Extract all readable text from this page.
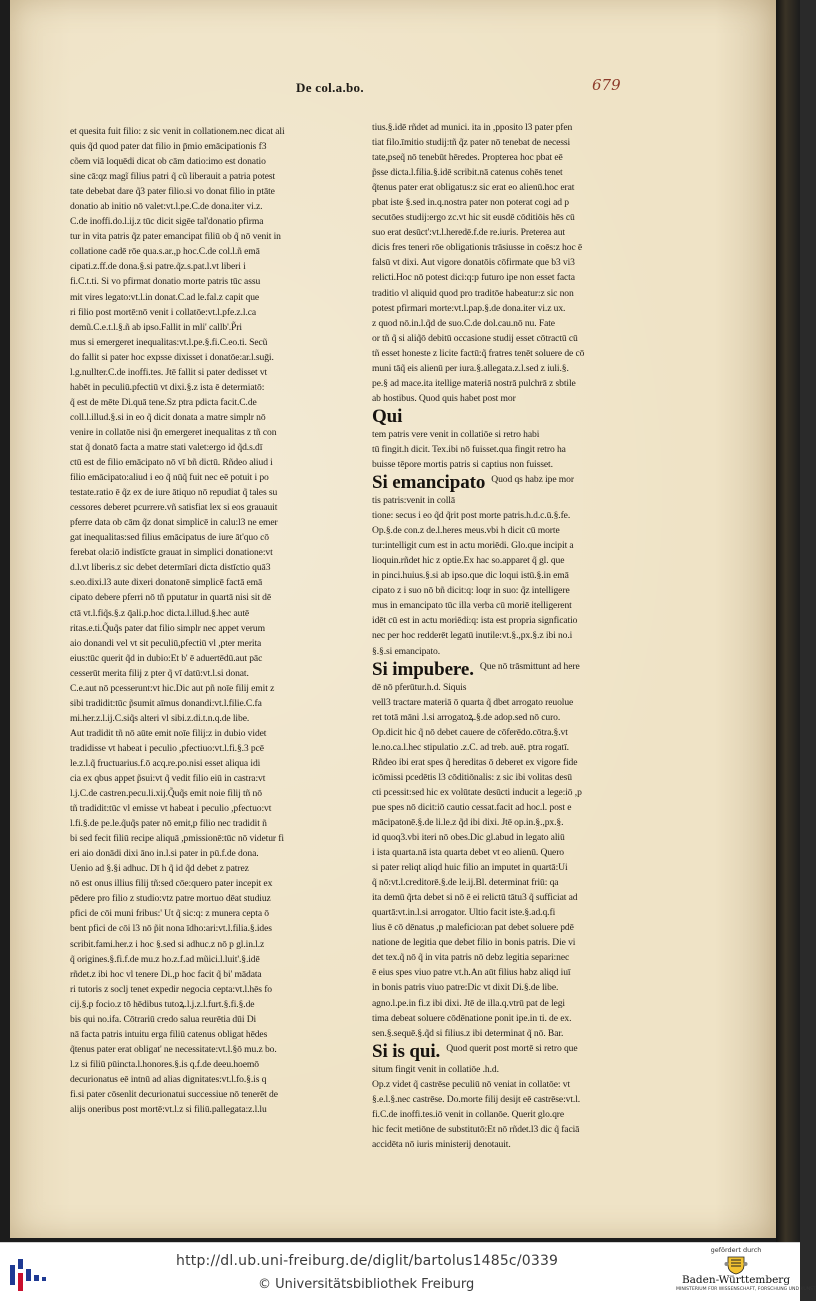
De col.a.bo.	679
et quesita fuit filio: z sic venit in collationem.nec dicat ali
quis q̃d quod pater dat filio in p̄mio emācipationis f3
cõem viā loquēdi dicat ob cām datio:imo est donatio
sine cā:qz magĩ filius patri q̃ cũ liberauit a patria potest
tate debebat dare q̃3 pater filio.si vo donat filio in ptāte
donatio ab initio nō valet:vt.l.pe.C.de dona.iter vi.z.
C.de inoffi.do.l.ij.z tūc dicit sigēe tal'donatio pfirma
tur in vita patris q̃z pater emancipat filiū ob q̃ nō venit in
collatione cadē rōe qua.s.ar.,p hoc.C.de col.l.ñ emā
cipati.z.ff.de dona.§.si patre.q̃z.s.pat.l.vt liberi i
fi.C.t.ti. Si vo pfirmat donatio morte patris tūc assu
mit vires legato:vt.l.in donat.C.ad le.fal.z capit que
ri filio post mortē:nō venit i collatōe:vt.l.pfe.z.l.ca
demũ.C.e.t.l.§.ñ ab ipso.Fallit in mli' callb'.P̃ri
mus si emergeret inequalitas:vt.l.pe.§.fi.C.eo.ti. Secũ
do fallit si pater hoc expsse dixisset i donatōe:ar.l.suḡi.
l.g.nullter.C.de inoffi.tes. Jtē fallit si pater dedisset vt
habēt in peculiū.pfectiū vt dixi.§.z ista ē determiatō:
q̃ est de mēte Di.quā tene.Sz ptra pdicta facit.C.de
coll.l.illud.§.si in eo q̃ dicit donata a matre simplr nō
venire in collatōe nisi q̃n emergeret inequalitas z tñ con
stat q̃ donatō facta a matre stati valet:ergo id q̃d.s.dī
ctū est de filio emācipato nō vī bñ dictū. Rñdeo aliud i
filio emācipato:aliud i eo q̃ nūq̃ fuit nec eē potuit i po
testate.ratio ē q̃z ex de iure ātiquo nō repudiat q̃ tales su
cessores deberet pcurrere.vñ satisfiat lex si eos grauauit
pferre data ob cām q̃z donat simplicē in calu:l3 ne emer
gat inequalitas:sed filius emācipatus de iure āt'quo cō
ferebat ola:iō indistīcte grauat in simplici donatione:vt
d.l.vt liberis.z sic debet determīari dicta distīctio quā3
s.eo.dixi.l3 aute dixeri donatonē simplicē factā emā
cipato debere pferri nō tñ pputatur in quartā nisi sit dē
ctā vt.l.fiq̃s.§.z q̄ali.p.hoc dicta.l.illud.§.hec autē
ritas.e.ti.Q̃uq̃s pater dat filio simplr nec appet verum
aio donandi vel vt sit peculiū,pfectiū vl ,pter merita
eius:tūc querit q̃d in dubio:Et b' ē aduertēdū.aut pāc
cesserūt merita filij z pter q̃ vī datū:vt.l.si donat.
C.e.aut nō pcesserunt:vt hic.Dic aut pñ noīe filij emit z
sibi tradidit:tūc p̃sumit aīmus donandi:vt.l.filie.C.fa
mi.her.z.l.ij.C.siq̃s alteri vl sibi.z.di.t.n.q.de libe.
Aut tradidit tñ nō aūte emit noīe filij:z in dubio videt
tradidisse vt habeat i peculio ,pfectiuo:vt.l.fi.§.3 pcē
le.z.l.q̃ fructuarius.f.ō acq.re.po.nisi esset aliqua idi
cia ex qbus appet p̃sui:vt q̃ vedit filio eiū in castra:vt
l.j.C.de castren.pecu.li.xij.Q̃uq̃s emit noie filij tñ nō
tñ tradidit:tūc vl emisse vt habeat i peculio ,pfectuo:vt
l.fi.§.de pe.le.q̃uq̃s pater nō emit,p filio nec tradidit ñ
bi sed fecit filiū recipe aliquā ,pmissionē:tūc nō videtur fi
eri aio donādi dixi āno in.l.si pater in pū.f.de dona.
Uenio ad §.§i adhuc. Dī h q̃ id q̃d debet z patrez
nō est onus illius filij tñ:sed cōe:quero pater incepit ex
pēdere pro filio z studio:vtz patre mortuo dēat studiuz
pfici de cōi muni fribus:' Ut q̃ sic:q: z munera cepta ō
bent pfici de cōi l3 nō p̃it nona īdho:ari:vt.l.filia.§.ides
scribit.fami.her.z i hoc §.sed si adhuc.z nō p gl.in.l.z
q̃ origines.§.fi.f.de mu.z ho.z.f.ad mũici.l.luit'.§.idē
rñdet.z ibi hoc vl tenere Di.,p hoc facit q̃ bi' mādata
ri tutoris z soclj tenet expedir negocia cepta:vt.l.hēs fo
cij.§.p focio.z tō hēdibus tutoꝝ.l.j.z.l.furt.§.fi.§.de
bis qui no.ifa. Cōtrariū credo salua reurētia dūi Di
nā facta patris intuitu erga filiū catenus obligat hēdes
q̃tenus pater erat obligat' ne necessitate:vt.l.§ō mu.z bo.
l.z si filiū pūincta.l.honores.§.is q.f.de deeu.hoemō
decurionatus eē intnū ad alias dignitates:vt.l.fo.§.is q
fi.si pater cōsenlit decurionatui successiue nō tenerēt de
alijs oneribus post mortē:vt.l.z si filiū.pallegata:z.l.lu
tius.§.idē rñdet ad munici. ita in ,pposito l3 pater pfen
tiat filo.īmitio studij:tñ q̃z pater nō tenebat de necessi
tate,pseq̃ nō tenebūt hēredes. Propterea hoc pbat eē
p̃sse dicta.l.filia.§.idē scribit.nā catenus cohēs tenet
q̃tenus pater erat obligatus:z sic erat eo alienū.hoc erat
pbat iste §.sed in.q.nostra pater non poterat cogi ad p
secutōes studij:ergo zc.vt hic sit eusdē cōditiōis hēs cū
suo erat desūct':vt.l.heredē.f.de re.iuris. Preterea aut
dicis fres teneri rōe obligationis trāsiusse in coēs:z hoc ē
falsū vt dixi. Aut vigore donatōis cōfirmate que b3 vi3
relicti.Hoc nō potest dici:q:p futuro ipe non esset facta
traditio vl aliquid quod pro traditōe habeatur:z sic non
potest pfirmari morte:vt.l.pap.§.de dona.iter vi.z ux.
z quod nō.in.l.q̃d de suo.C.de dol.cau.nō nu. Fate
or tñ q̃ si aliq̃ō debitū occasione studij esset cōtractū cū
tñ esset honeste z licite factū:q̃ fratres tenēt soluere de cō
muni tāq̃ eis alienū per iura.§.allegata.z.l.sed z iuli.§.
pe.§ ad mace.ita itellige materiā nostrā pulchrā z sbtile
ab hostibus. Quod quis habet post mor
Qui
tem patris vere venit in collatiōe si retro habi
tū fingit.h dicit. Tex.ibi nō fuisset.qua fingit retro ha
buisse tēpore mortis patris si captius non fuisset.
Si emancipato Quod qs habz ipe mor
tis patris:venit in collā
tione: secus i eo q̃d q̃rit post morte patris.h.d.c.ū.§.fe.
Op.§.de con.z de.l.heres meus.vbi h dicit cū morte
tur:intelligit cum est in actu moriēdi. Glo.que incipit a
lioquin.rñdet hic z optie.Ex hac so.apparet q̃ gl. que
in pinci.huius.§.si ab ipso.que dic loqui istū.§.in emā
cipato z i suo nō bñ dicit:q: loqr in suo: q̃z intelligere
mus in emancipato tūc illa verba cū moriē itelligerent
idēt cū est in actu moriēdi:q: ista est propria signficatio
nec per hoc redderēt legatū inutile:vt.§.,px.§.z ibi no.i
§.§.si emancipato.
Si impubere. Que nō trāsmittunt ad here
dē nō pferūtur.h.d. Siquis
vell3 tractare materiā ō quarta q̃ dbet arrogato reuolue
ret totā māni .l.si arrogatoꝝ.§.de adop.sed nō curo.
Op.dicit hic q̃ nō debet cauere de cōferēdo.cōtra.§.vt
le.no.ca.l.hec stipulatio .z.C. ad treb. auē. ptra rogatī.
Rñdeo ibi erat spes q̃ hereditas ō deberet ex vigore fide
icōmissi pcedētis l3 cōditiōnalis: z sic ibi volitas desū
cti pcessit:sed hic ex volūtate desūcti inducit a lege:iō ,p
pue spes nō dicit:iō cautio cessat.facit ad hoc.l. post e
mācipatonē.§.de li.le.z q̃d ibi dixi. Jtē op.in.§.,px.§.
id quoq3.vbi iteri nō obes.Dic gl.abud in legato aliū
i ista quarta.nā ista quarta debet vt eo alienū. Quero
si pater reliqt aliqd huic filio an imputet in quartā:Ui
q̃ nō:vt.l.creditorē.§.de le.ij.Bl. determinat friū: qa
ita demū q̃rta debet si nō ē ei relictū tātu3 q̃ sufficiat ad
quartā:vt.in.l.si arrogator. Ultio facit iste.§.ad.q.fi
lius ē cō dēnatus ,p maleficio:an pat debet soluere pdē
natione de legitia que debet filio in bonis patris. Die vi
det tex.q̃ nō q̃ in vita patris nō debz legitia separi:nec
ē eius spes viuo patre vt.h.An aūt filius habz aliqd iuī
in bonis patris viuo patre:Dic vt dixit Di.§.de libe.
agno.l.pe.in fi.z ibi dixi. Jtē de illa.q.vtrū pat de legi
tima debeat soluere cōdēnatione ponit ipe.in ti. de ex.
sen.§.sequē.§.q̃d si filius.z ibi determinat q̃ nō. Bar.
Si is qui. Quod querit post mortē si retro que
situm fingit venit in collatiōe .h.d.
Op.z videt q̃ castrēse peculiū nō veniat in collatōe: vt
§.e.l.§.nec castrēse. Do.morte filij desijt eē castrēse:vt.l.
fi.C.de inoffi.tes.iō venit in collanōe. Querit glo.qre
hic fecit metiōne de substitutō:Et nō rñdet.l3 dic q̃ faciā
accidēta nō iuris ministerij denotauit.
http://dl.ub.uni-freiburg.de/diglit/bartolus1485c/0339
© Universitätsbibliothek Freiburg
gefördert durch
Baden-Württemberg
MINISTERIUM FÜR WISSENSCHAFT, FORSCHUNG UND KUNST
